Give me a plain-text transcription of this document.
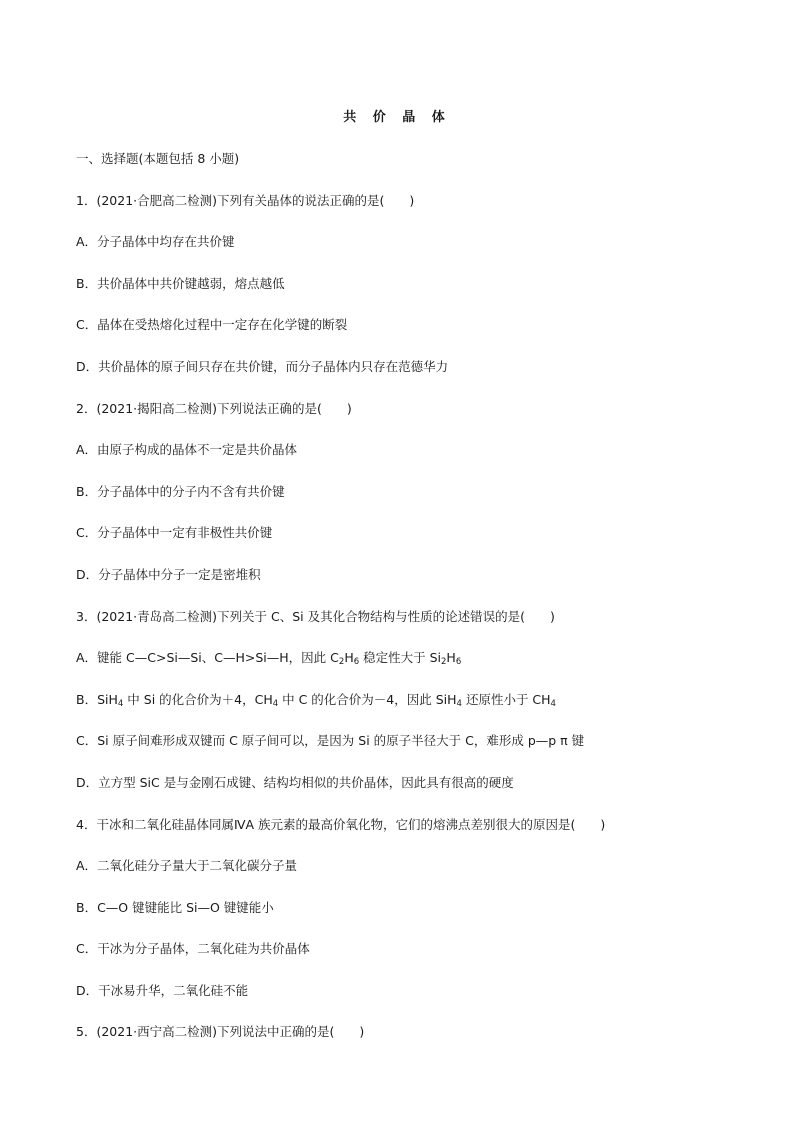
共 价 晶 体
一、选择题(本题包括 8 小题)
1．(2021·合肥高二检测)下列有关晶体的说法正确的是(　　)
A．分子晶体中均存在共价键
B．共价晶体中共价键越弱，熔点越低
C．晶体在受热熔化过程中一定存在化学键的断裂
D．共价晶体的原子间只存在共价键，而分子晶体内只存在范德华力
2．(2021·揭阳高二检测)下列说法正确的是(　　)
A．由原子构成的晶体不一定是共价晶体
B．分子晶体中的分子内不含有共价键
C．分子晶体中一定有非极性共价键
D．分子晶体中分子一定是密堆积
3．(2021·青岛高二检测)下列关于 C、Si 及其化合物结构与性质的论述错误的是(　　)
A．键能 C—C>Si—Si、C—H>Si—H，因此 $C_2H_6$ 稳定性大于 $Si_2H_6$
B．SiH$_4$ 中 Si 的化合价为＋4，$CH_4$ 中 C 的化合价为－4，因此 SiH$_4$ 还原性小于 $CH_4$
C．Si 原子间难形成双键而 C 原子间可以，是因为 Si 的原子半径大于 C，难形成 p—p π 键
D．立方型 SiC 是与金刚石成键、结构均相似的共价晶体，因此具有很高的硬度
4．干冰和二氧化硅晶体同属ⅣA 族元素的最高价氧化物，它们的熔沸点差别很大的原因是(　　)
A．二氧化硅分子量大于二氧化碳分子量
B．C—O 键键能比 Si—O 键键能小
C．干冰为分子晶体，二氧化硅为共价晶体
D．干冰易升华，二氧化硅不能
5．(2021·西宁高二检测)下列说法中正确的是(　　)
